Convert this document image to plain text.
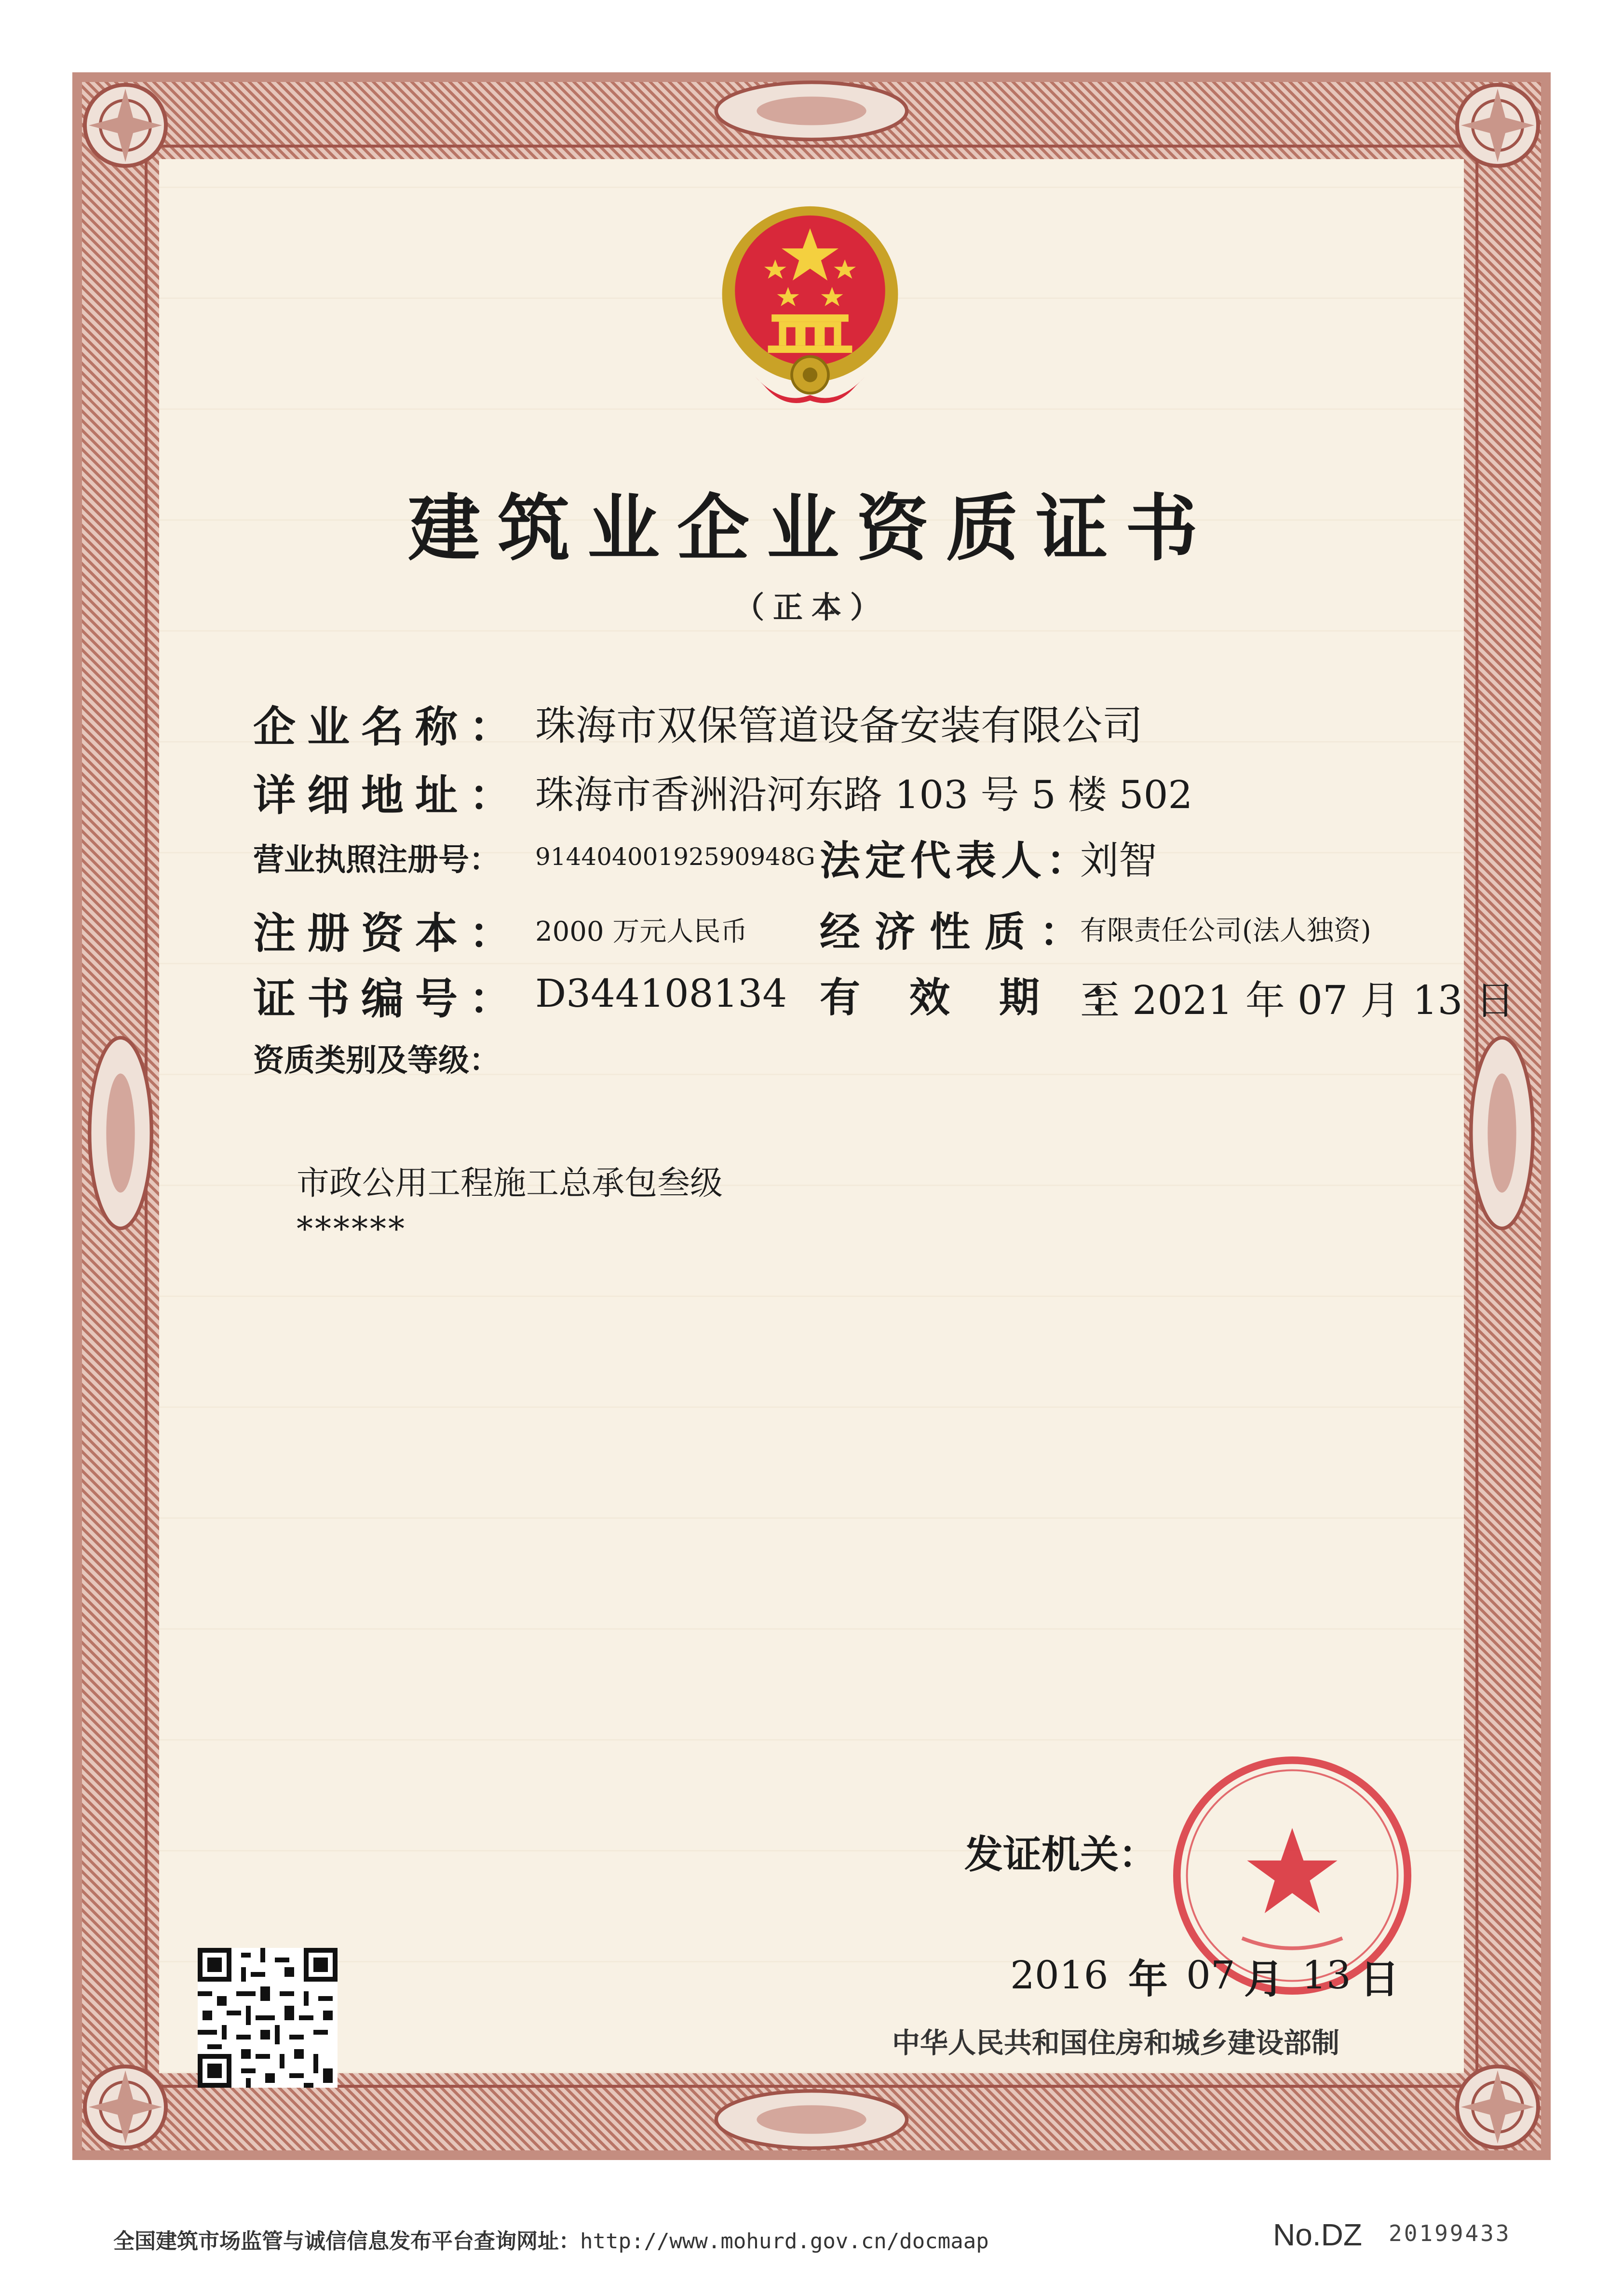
建筑业企业资质证书
（正本）
企业名称： 珠海市双保管道设备安装有限公司
详细地址： 珠海市香洲沿河东路 103 号 5 楼 502
营业执照注册号： 91440400192590948G 法定代表人：
刘智
注册资本： 2000 万元人民币 经济性质：
有限责任公司(法人独资)
证书编号： D344108134 有效期：
至 2021 年 07 月 13 日
资质类别及等级：
市政公用工程施工总承包叁级
******
发证机关：
2016 年 07 月 13 日
中华人民共和国住房和城乡建设部制
全国建筑市场监管与诚信信息发布平台查询网址：http://www.mohurd.gov.cn/docmaap	No.DZ 20199433
